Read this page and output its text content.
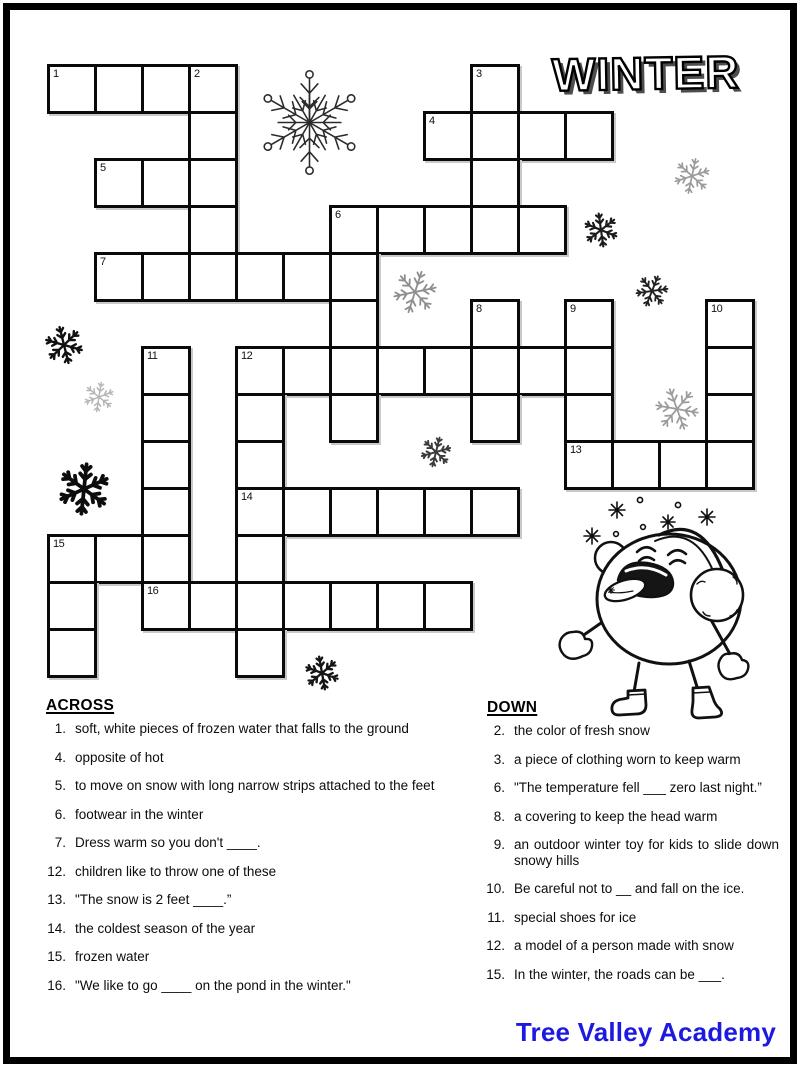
WINTER
1	2	3
4
5
6
7
8	9	10
11	12
13
14
15
16
ACROSS
1. soft, white pieces of frozen water that falls to the ground
4. opposite of hot
5. to move on snow with long narrow strips attached to the feet
6. footwear in the winter
7. Dress warm so you don't ____.
12. children like to throw one of these
13. "The snow is 2 feet ____.”
14. the coldest season of the year
15. frozen water
16. "We like to go ____ on the pond in the winter."
DOWN
2. the color of fresh snow
3. a piece of clothing worn to keep warm
6. "The temperature fell ___ zero last night.”
8. a covering to keep the head warm
9. an outdoor winter toy for kids to slide down snowy hills
10. Be careful not to __ and fall on the ice.
11. special shoes for ice
12. a model of a person made with snow
15. In the winter, the roads can be ___.
Tree Valley Academy
